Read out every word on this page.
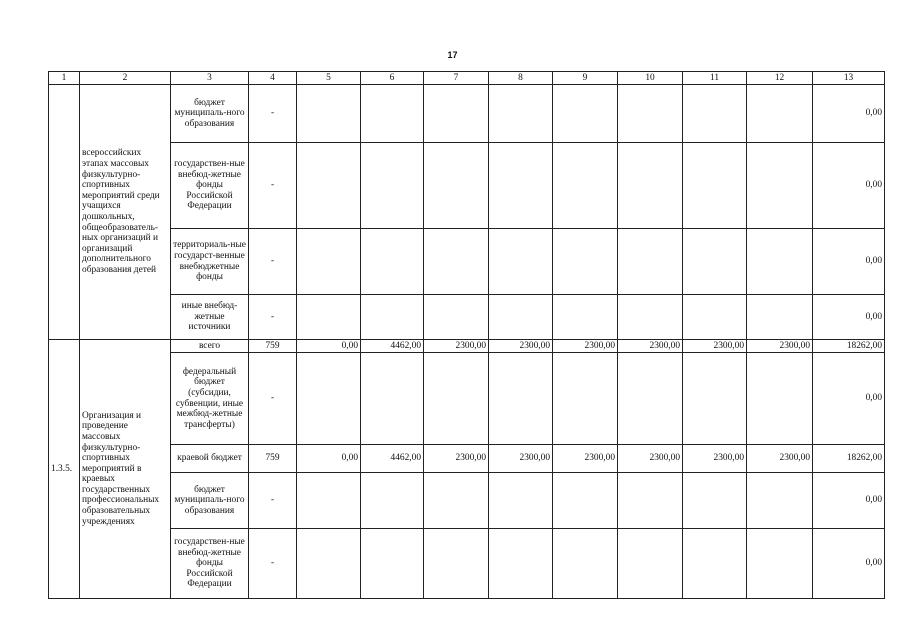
17
1	2	3	4	5	6	7	8	9	10	11	12	13
	всероссийских этапах массовых физкультурно-спортивных мероприятий среди учащихся дошкольных, общеобразователь-ных организаций и организаций дополнительного образования детей	бюджет муниципаль-ного образования	-									0,00
		государствен-ные внебюд-жетные фонды Российской Федерации	-									0,00
		территориаль-ные государст-венные внебюджетные фонды	-									0,00
		иные внебюд-жетные источники	-									0,00
1.3.5.	Организация и проведение массовых физкультурно-спортивных мероприятий в краевых государственных профессиональных образовательных учреждениях	всего	759	0,00	4462,00	2300,00	2300,00	2300,00	2300,00	2300,00	2300,00	18262,00
		федеральный бюджет (субсидии, субвенции, иные межбюд-жетные трансферты)	-									0,00
		краевой бюджет	759	0,00	4462,00	2300,00	2300,00	2300,00	2300,00	2300,00	2300,00	18262,00
		бюджет муниципаль-ного образования	-									0,00
		государствен-ные внебюд-жетные фонды Российской Федерации	-									0,00
